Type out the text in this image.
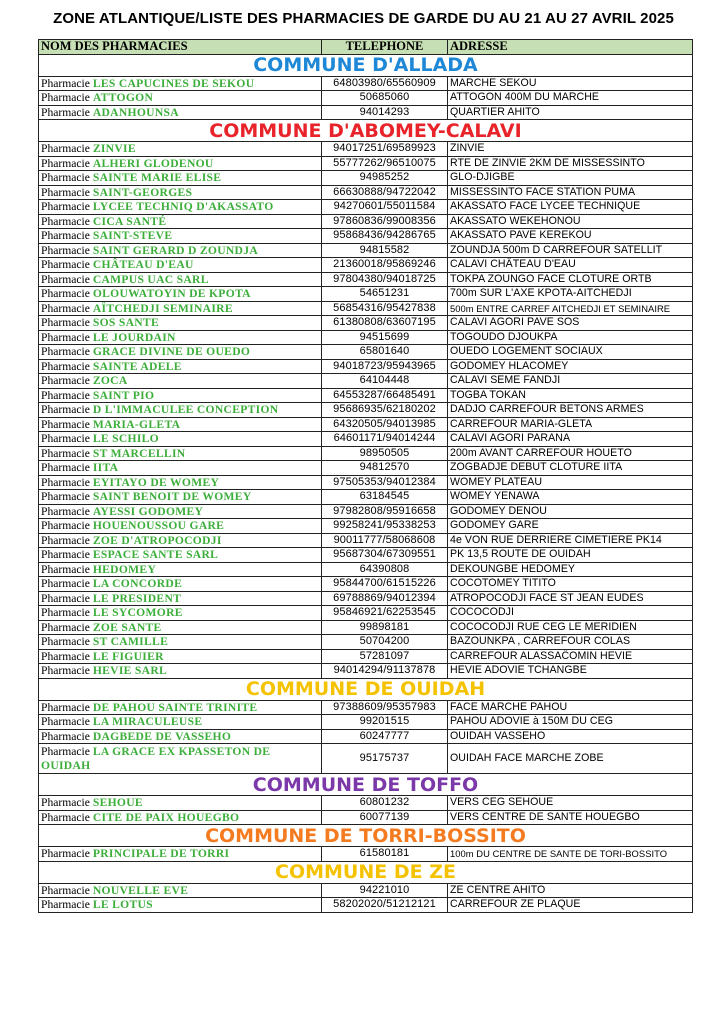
ZONE ATLANTIQUE/LISTE DES PHARMACIES DE GARDE DU AU 21 AU 27 AVRIL 2025
NOM DES PHARMACIES	TELEPHONE	ADRESSE
COMMUNE D'ALLADA		
Pharmacie LES CAPUCINES DE SEKOU	64803980/65560909	MARCHE SEKOU
Pharmacie ATTOGON	50685060	ATTOGON 400M DU MARCHE
Pharmacie ADANHOUNSA	94014293	QUARTIER AHITO
COMMUNE D'ABOMEY-CALAVI		
Pharmacie ZINVIE	94017251/69589923	ZINVIE
Pharmacie ALHERI GLODENOU	55777262/96510075	RTE DE ZINVIE 2KM DE MISSESSINTO
Pharmacie SAINTE MARIE ELISE	94985252	GLO-DJIGBE
Pharmacie SAINT-GEORGES	66630888/94722042	MISSESSINTO FACE STATION PUMA
Pharmacie LYCEE TECHNIQ D'AKASSATO	94270601/55011584	AKASSATO FACE LYCEE TECHNIQUE
Pharmacie CICA SANTÉ	97860836/99008356	AKASSATO WEKEHONOU
Pharmacie SAINT-STEVE	95868436/94286765	AKASSATO PAVE KEREKOU
Pharmacie SAINT GERARD D ZOUNDJA	94815582	ZOUNDJA 500m D CARREFOUR SATELLIT
Pharmacie CHÂTEAU D'EAU	21360018/95869246	CALAVI CHÂTEAU D'EAU
Pharmacie CAMPUS UAC SARL	97804380/94018725	TOKPA ZOUNGO FACE CLOTURE ORTB
Pharmacie OLOUWATOYIN DE KPOTA	54651231	700m SUR L'AXE KPOTA-AITCHEDJI
Pharmacie AÏTCHEDJI SEMINAIRE	56854316/95427838	500m ENTRE CARREF AITCHEDJI ET SEMINAIRE
Pharmacie SOS SANTE	61380808/63607195	CALAVI AGORI PAVE SOS
Pharmacie LE JOURDAIN	94515699	TOGOUDO DJOUKPA
Pharmacie GRACE DIVINE DE OUEDO	65801640	OUEDO LOGEMENT SOCIAUX
Pharmacie SAINTE ADELE	94018723/95943965	GODOMEY HLACOMEY
Pharmacie ZOCA	64104448	CALAVI SEME FANDJI
Pharmacie SAINT PIO	64553287/66485491	TOGBA TOKAN
Pharmacie D L'IMMACULEE CONCEPTION	95686935/62180202	DADJO CARREFOUR BETONS ARMES
Pharmacie MARIA-GLETA	64320505/94013985	CARREFOUR MARIA-GLETA
Pharmacie LE SCHILO	64601171/94014244	CALAVI AGORI PARANA
Pharmacie ST MARCELLIN	98950505	200m AVANT CARREFOUR HOUETO
Pharmacie IITA	94812570	ZOGBADJE DEBUT CLOTURE IITA
Pharmacie EYITAYO DE WOMEY	97505353/94012384	WOMEY PLATEAU
Pharmacie SAINT BENOIT DE WOMEY	63184545	WOMEY YENAWA
Pharmacie AYESSI GODOMEY	97982808/95916658	GODOMEY DENOU
Pharmacie HOUENOUSSOU GARE	99258241/95338253	GODOMEY GARE
Pharmacie ZOE D'ATROPOCODJI	90011777/58068608	4e VON RUE DERRIERE CIMETIERE PK14
Pharmacie ESPACE SANTE SARL	95687304/67309551	PK 13,5 ROUTE DE OUIDAH
Pharmacie HEDOMEY	64390808	DEKOUNGBE HEDOMEY
Pharmacie LA CONCORDE	95844700/61515226	COCOTOMEY TITITO
Pharmacie LE PRESIDENT	69788869/94012394	ATROPOCODJI FACE ST JEAN EUDES
Pharmacie LE SYCOMORE	95846921/62253545	COCOCODJI
Pharmacie ZOE SANTE	99898181	COCOCODJI RUE CEG LE MERIDIEN
Pharmacie ST CAMILLE	50704200	BAZOUNKPA , CARREFOUR COLAS
Pharmacie LE FIGUIER	57281097	CARREFOUR ALASSAĈOMIN HEVIE
Pharmacie HEVIE SARL	94014294/91137878	HEVIE ADOVIE TCHANGBE
COMMUNE DE OUIDAH		
Pharmacie DE PAHOU SAINTE TRINITE	97388609/95357983	FACE MARCHE PAHOU
Pharmacie LA MIRACULEUSE	99201515	PAHOU ADOVIE à 150M DU CEG
Pharmacie DAGBEDE DE VASSEHO	60247777	OUIDAH VASSEHO
Pharmacie LA GRACE EX KPASSETON DE OUIDAH	95175737	OUIDAH FACE MARCHE ZOBE
COMMUNE DE TOFFO		
Pharmacie SEHOUE	60801232	VERS CEG SEHOUE
Pharmacie CITE DE PAIX HOUEGBO	60077139	VERS CENTRE DE SANTE HOUEGBO
COMMUNE DE TORRI-BOSSITO		
Pharmacie PRINCIPALE DE TORRI	61580181	100m DU CENTRE DE SANTE DE TORI-BOSSITO
COMMUNE DE ZE		
Pharmacie NOUVELLE EVE	94221010	ZE CENTRE AHITO
Pharmacie LE LOTUS	58202020/51212121	CARREFOUR ZE PLAQUE
